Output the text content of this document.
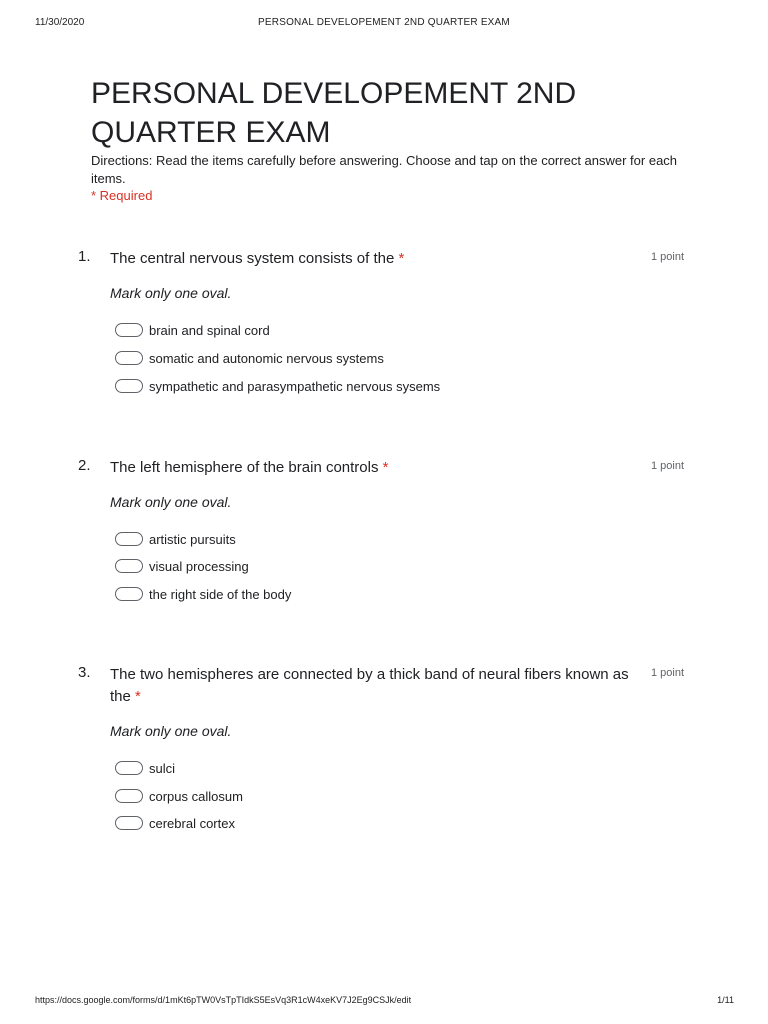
11/30/2020	PERSONAL DEVELOPEMENT 2ND QUARTER EXAM
PERSONAL DEVELOPEMENT 2ND QUARTER EXAM
Directions: Read the items carefully before answering. Choose and tap on the correct answer for each items.
* Required
1. The central nervous system consists of the *	1 point
Mark only one oval.
brain and spinal cord
somatic and autonomic nervous systems
sympathetic and parasympathetic nervous sysems
2. The left hemisphere of the brain controls *	1 point
Mark only one oval.
artistic pursuits
visual processing
the right side of the body
3. The two hemispheres are connected by a thick band of neural fibers known as the *
1 point
Mark only one oval.
sulci
corpus callosum
cerebral cortex
https://docs.google.com/forms/d/1mKt6pTW0VsTpTIdkS5EsVq3R1cW4xeKV7J2Eg9CSJk/edit	1/11
